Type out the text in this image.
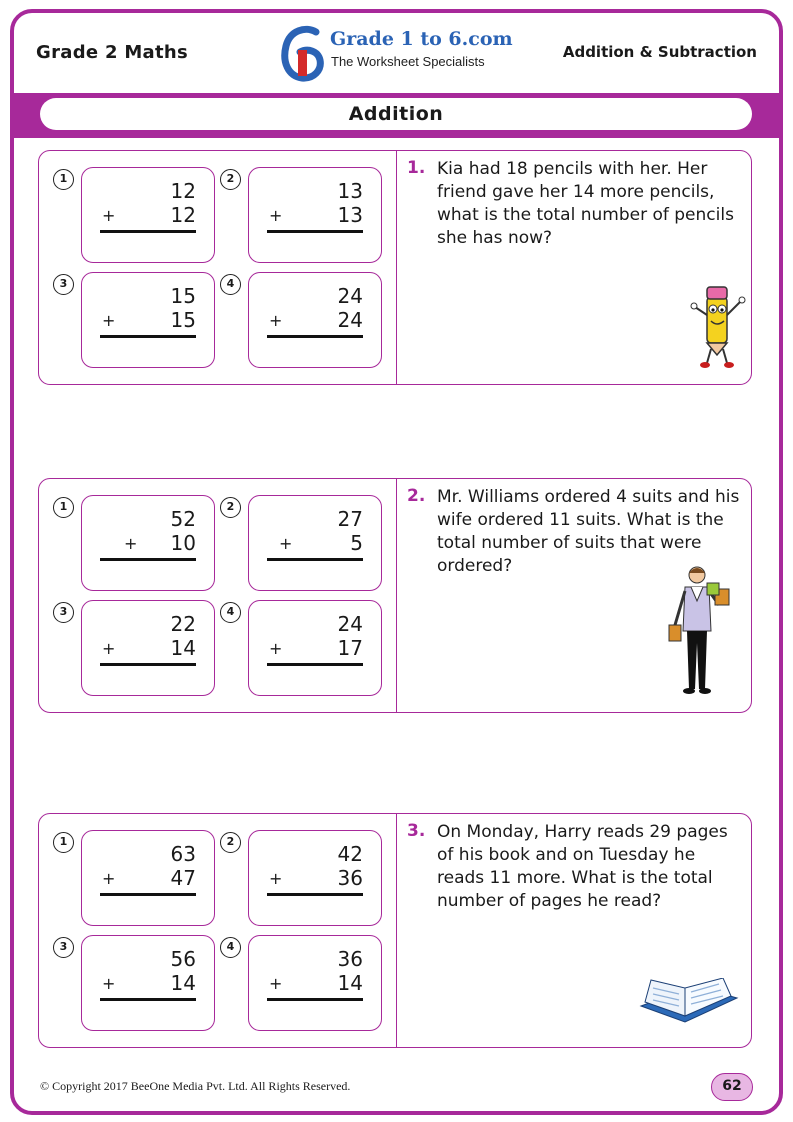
Grade 2 Maths
Grade 1 to 6.com
The Worksheet Specialists
Addition & Subtraction
Addition
1
12
+	12
2
13
+	13
3
15
+	15
4
24
+	24
1. Kia had 18 pencils with her. Her friend gave her 14 more pencils, what is the total number of pencils she has now?
1
52
+ 10
2
27
+	5
3
22
+	14
4
24
+	17
2. Mr. Williams ordered 4 suits and his wife ordered 11 suits. What is the total number of suits that were ordered?
1
63
+	47
2
42
+	36
3
56
+	14
4
36
+	14
3. On Monday, Harry reads 29 pages of his book and on Tuesday he reads 11 more. What is the total number of pages he read?
© Copyright 2017 BeeOne Media Pvt. Ltd. All Rights Reserved.	62
